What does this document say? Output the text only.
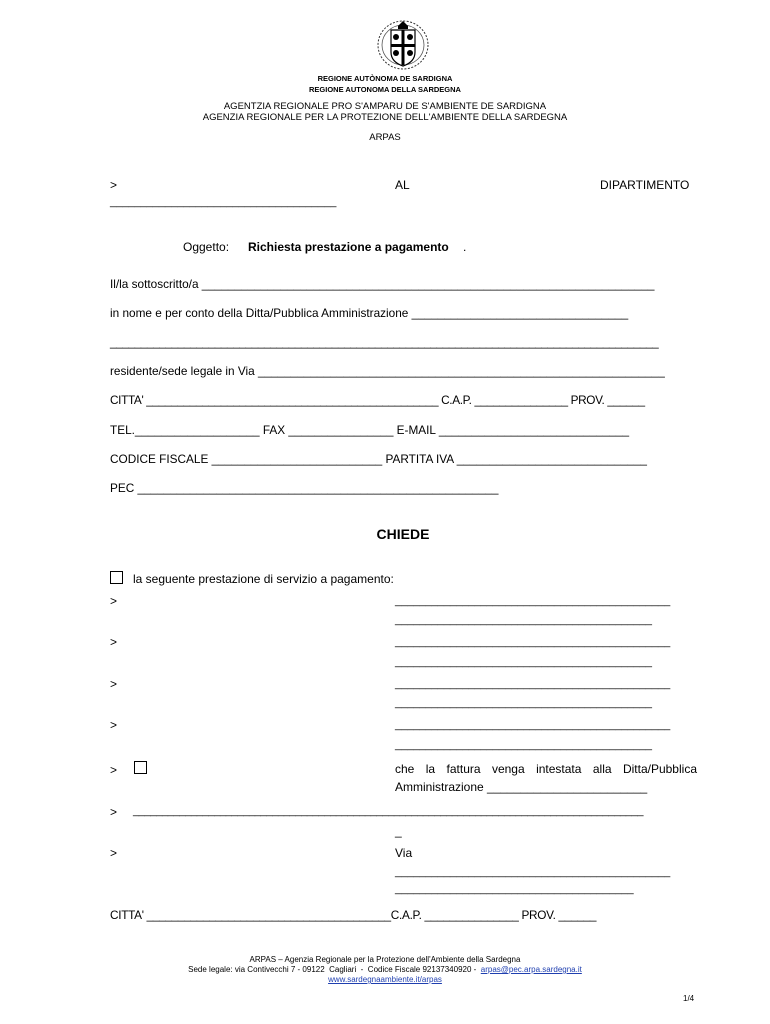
REGIONE AUTÒNOMA DE SARDIGNA
REGIONE AUTONOMA DELLA SARDEGNA
AGENTZIA REGIONALE PRO S'AMPARU DE S'AMBIENTE DE SARDIGNA
AGENZIA REGIONALE PER LA PROTEZIONE DELL'AMBIENTE DELLA SARDEGNA
ARPAS
>	AL	DIPARTIMENTO
_____________________________________
Oggetto: Richiesta prestazione a pagamento .
Il/la sottoscritto/a _____________________________________________________________________
in nome e per conto della Ditta/Pubblica Amministrazione _________________________________
_________________________________________________________________________________________
residente/sede legale in Via ______________________________________________________________
CITTA' _______________________________________________ C.A.P. _______________ PROV. ______
TEL.___________________ FAX ________________ E-MAIL _____________________________
CODICE FISCALE __________________________ PARTITA IVA _____________________________
PEC _______________________________________________________
CHIEDE
la seguente prestazione di servizio a pagamento:
>	_____________________________________________
__________________________________________
>	_____________________________________________
__________________________________________
>	_____________________________________________
__________________________________________
>	_____________________________________________
__________________________________________
>	che la fattura venga intestata alla Ditta/Pubblica
Amministrazione ________________________
> ________________________________________________________________________________________
_
>	Via
_____________________________________________
_______________________________________
CITTA' _______________________________________C.A.P. _______________ PROV. ______
ARPAS – Agenzia Regionale per la Protezione dell'Ambiente della Sardegna
Sede legale: via Contivecchi 7 - 09122  Cagliari  -  Codice Fiscale 92137340920 -  arpas@pec.arpa.sardegna.it
www.sardegnaambiente.it/arpas
1/4
